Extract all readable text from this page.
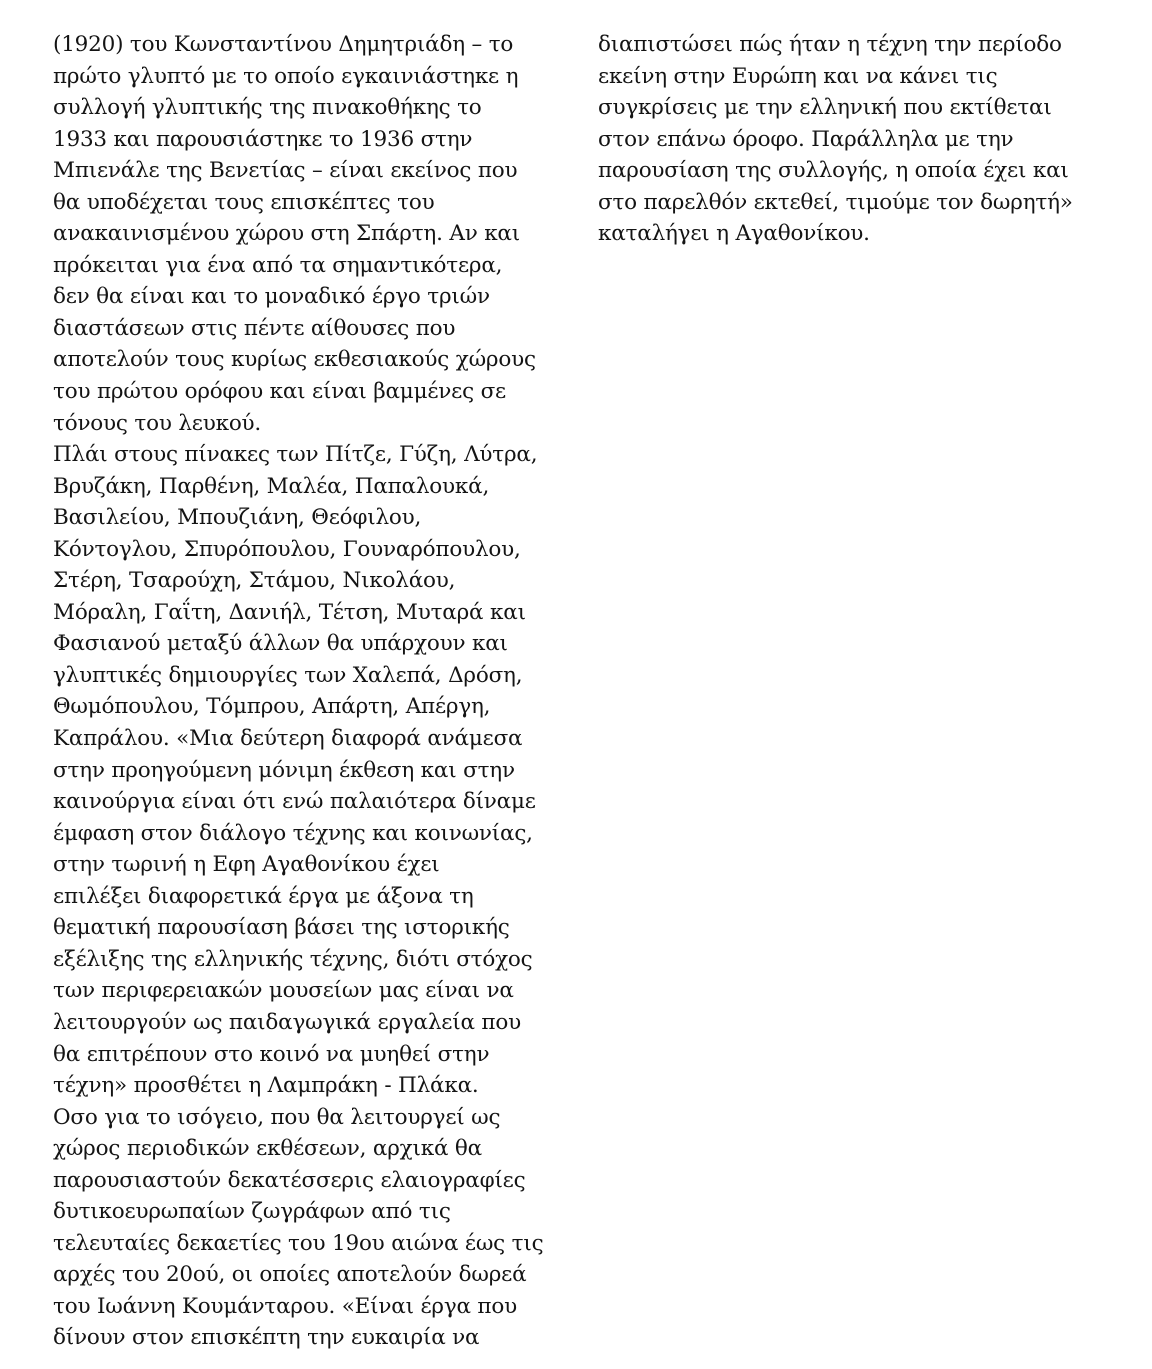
(1920) του Κωνσταντίνου Δημητριάδη – το
πρώτο γλυπτό με το οποίο εγκαινιάστηκε η
συλλογή γλυπτικής της πινακοθήκης το
1933 και παρουσιάστηκε το 1936 στην
Μπιενάλε της Βενετίας – είναι εκείνος που
θα υποδέχεται τους επισκέπτες του
ανακαινισμένου χώρου στη Σπάρτη. Αν και
πρόκειται για ένα από τα σημαντικότερα,
δεν θα είναι και το μοναδικό έργο τριών
διαστάσεων στις πέντε αίθουσες που
αποτελούν τους κυρίως εκθεσιακούς χώρους
του πρώτου ορόφου και είναι βαμμένες σε
τόνους του λευκού.
Πλάι στους πίνακες των Πίτζε, Γύζη, Λύτρα,
Βρυζάκη, Παρθένη, Μαλέα, Παπαλουκά,
Βασιλείου, Μπουζιάνη, Θεόφιλου,
Κόντογλου, Σπυρόπουλου, Γουναρόπουλου,
Στέρη, Τσαρούχη, Στάμου, Νικολάου,
Μόραλη, Γαΐτη, Δανιήλ, Τέτση, Μυταρά και
Φασιανού μεταξύ άλλων θα υπάρχουν και
γλυπτικές δημιουργίες των Χαλεπά, Δρόση,
Θωμόπουλου, Τόμπρου, Απάρτη, Απέργη,
Καπράλου. «Μια δεύτερη διαφορά ανάμεσα
στην προηγούμενη μόνιμη έκθεση και στην
καινούργια είναι ότι ενώ παλαιότερα δίναμε
έμφαση στον διάλογο τέχνης και κοινωνίας,
στην τωρινή η Εφη Αγαθονίκου έχει
επιλέξει διαφορετικά έργα με άξονα τη
θεματική παρουσίαση βάσει της ιστορικής
εξέλιξης της ελληνικής τέχνης, διότι στόχος
των περιφερειακών μουσείων μας είναι να
λειτουργούν ως παιδαγωγικά εργαλεία που
θα επιτρέπουν στο κοινό να μυηθεί στην
τέχνη» προσθέτει η Λαμπράκη - Πλάκα.
Οσο για το ισόγειο, που θα λειτουργεί ως
χώρος περιοδικών εκθέσεων, αρχικά θα
παρουσιαστούν δεκατέσσερις ελαιογραφίες
δυτικοευρωπαίων ζωγράφων από τις
τελευταίες δεκαετίες του 19ου αιώνα έως τις
αρχές του 20ού, οι οποίες αποτελούν δωρεά
του Ιωάννη Κουμάνταρου. «Είναι έργα που
δίνουν στον επισκέπτη την ευκαιρία να
διαπιστώσει πώς ήταν η τέχνη την περίοδο
εκείνη στην Ευρώπη και να κάνει τις
συγκρίσεις με την ελληνική που εκτίθεται
στον επάνω όροφο. Παράλληλα με την
παρουσίαση της συλλογής, η οποία έχει και
στο παρελθόν εκτεθεί, τιμούμε τον δωρητή»
καταλήγει η Αγαθονίκου.
